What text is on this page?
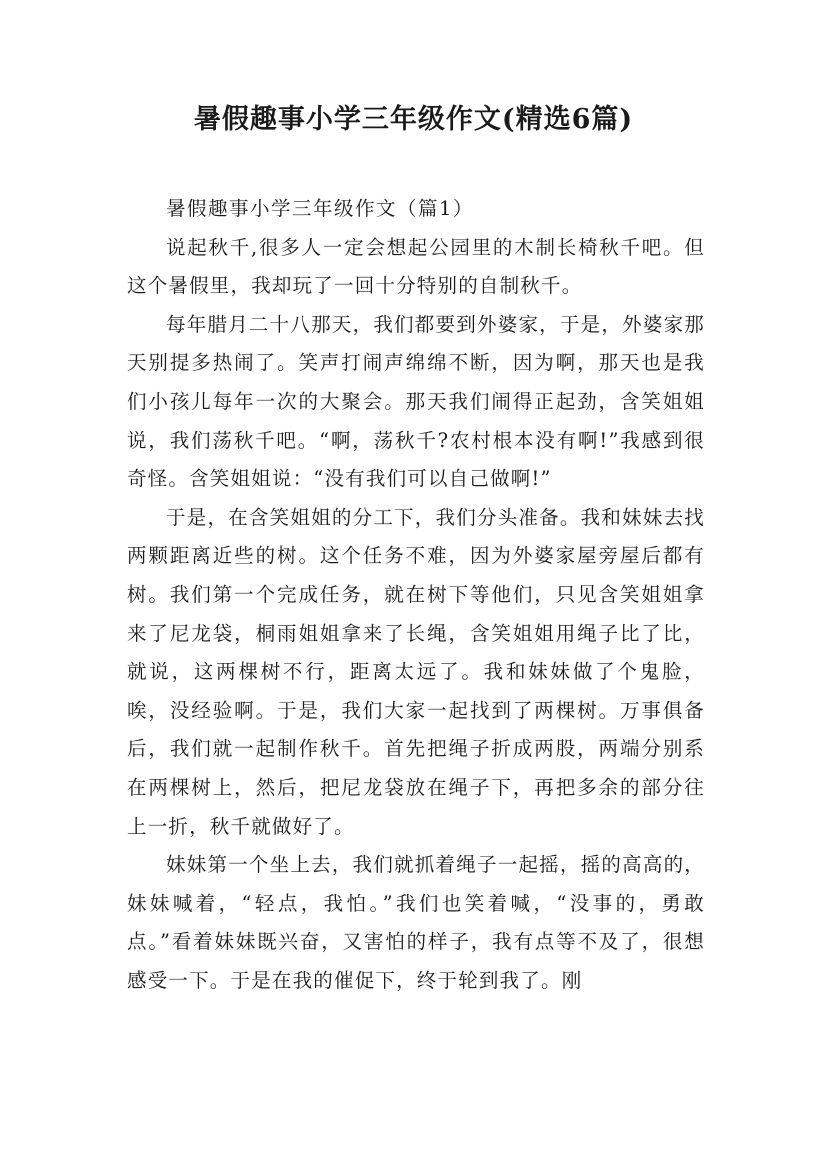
暑假趣事小学三年级作文(精选6篇)

暑假趣事小学三年级作文（篇1）

说起秋千,很多人一定会想起公园里的木制长椅秋千吧。但这个暑假里，我却玩了一回十分特别的自制秋千。

每年腊月二十八那天，我们都要到外婆家，于是，外婆家那天别提多热闹了。笑声打闹声绵绵不断，因为啊，那天也是我们小孩儿每年一次的大聚会。那天我们闹得正起劲，含笑姐姐说，我们荡秋千吧。“啊，荡秋千?农村根本没有啊!”我感到很奇怪。含笑姐姐说：“没有我们可以自己做啊!”

于是，在含笑姐姐的分工下，我们分头准备。我和妹妹去找两颗距离近些的树。这个任务不难，因为外婆家屋旁屋后都有树。我们第一个完成任务，就在树下等他们，只见含笑姐姐拿来了尼龙袋，桐雨姐姐拿来了长绳，含笑姐姐用绳子比了比，就说，这两棵树不行，距离太远了。我和妹妹做了个鬼脸，唉，没经验啊。于是，我们大家一起找到了两棵树。万事俱备后，我们就一起制作秋千。首先把绳子折成两股，两端分别系在两棵树上，然后，把尼龙袋放在绳子下，再把多余的部分往上一折，秋千就做好了。

妹妹第一个坐上去，我们就抓着绳子一起摇，摇的高高的，妹妹喊着，“轻点，我怕。”我们也笑着喊，“没事的，勇敢点。”看着妹妹既兴奋，又害怕的样子，我有点等不及了，很想感受一下。于是在我的催促下，终于轮到我了。刚
